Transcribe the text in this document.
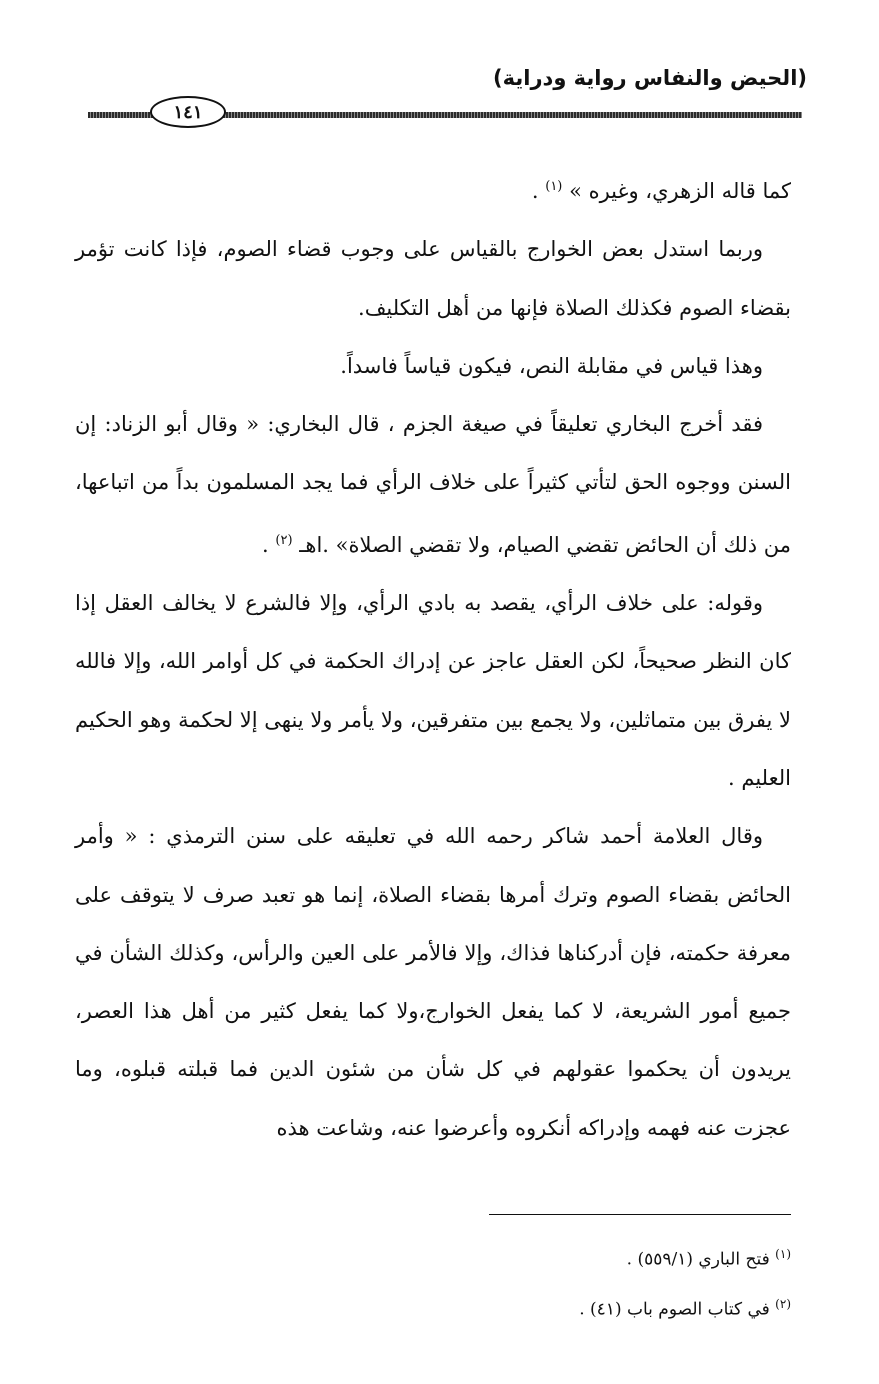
(الحيض والنفاس رواية ودراية)
١٤١

كما قاله الزهري، وغيره » $^{(١)}$ .

وربما استدل بعض الخوارج بالقياس على وجوب قضاء الصوم، فإذا كانت تؤمر بقضاء الصوم فكذلك الصلاة فإنها من أهل التكليف.

وهذا قياس في مقابلة النص، فيكون قياساً فاسداً.

فقد أخرج البخاري تعليقاً في صيغة الجزم ، قال البخاري: « وقال أبو الزناد: إن السنن ووجوه الحق لتأتي كثيراً على خلاف الرأي فما يجد المسلمون بداً من اتباعها، من ذلك أن الحائض تقضي الصيام، ولا تقضي الصلاة» .اهـ $^{(٢)}$ .

وقوله: على خلاف الرأي، يقصد به بادي الرأي، وإلا فالشرع لا يخالف العقل إذا كان النظر صحيحاً، لكن العقل عاجز عن إدراك الحكمة في كل أوامر الله، وإلا فالله لا يفرق بين متماثلين، ولا يجمع بين متفرقين، ولا يأمر ولا ينهى إلا لحكمة وهو الحكيم العليم .

وقال العلامة أحمد شاكر رحمه الله في تعليقه على سنن الترمذي : « وأمر الحائض بقضاء الصوم وترك أمرها بقضاء الصلاة، إنما هو تعبد صرف لا يتوقف على معرفة حكمته، فإن أدركناها فذاك، وإلا فالأمر على العين والرأس، وكذلك الشأن في جميع أمور الشريعة، لا كما يفعل الخوارج،ولا كما يفعل كثير من أهل هذا العصر، يريدون أن يحكموا عقولهم في كل شأن من شئون الدين فما قبلته قبلوه، وما عجزت عنه فهمه وإدراكه أنكروه وأعرضوا عنه، وشاعت هذه

$^{(١)}$ فتح الباري (٥٥٩/١) .

$^{(٢)}$ في كتاب الصوم باب (٤١) .
